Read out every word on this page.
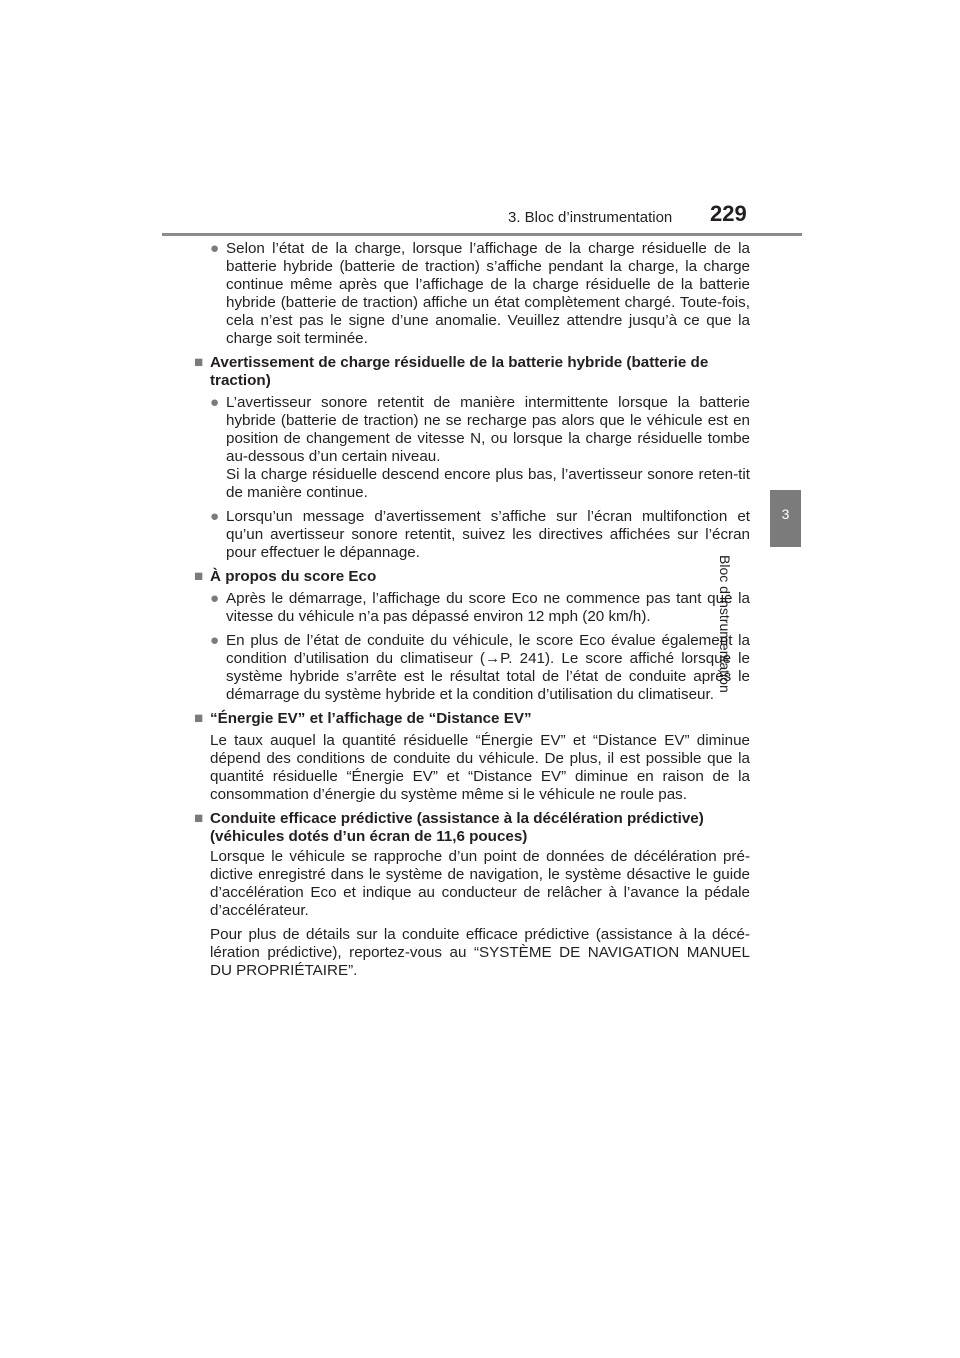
3. Bloc d’instrumentation 229
3
Bloc d’instrumentation
● Selon l’état de la charge, lorsque l’affichage de la charge résiduelle de la batterie hybride (batterie de traction) s’affiche pendant la charge, la charge continue même après que l’affichage de la charge résiduelle de la batterie hybride (batterie de traction) affiche un état complètement chargé. Toute-fois, cela n’est pas le signe d’une anomalie. Veuillez attendre jusqu’à ce que la charge soit terminée.
■ Avertissement de charge résiduelle de la batterie hybride (batterie de traction)
● L’avertisseur sonore retentit de manière intermittente lorsque la batterie hybride (batterie de traction) ne se recharge pas alors que le véhicule est en position de changement de vitesse N, ou lorsque la charge résiduelle tombe au-dessous d’un certain niveau.
Si la charge résiduelle descend encore plus bas, l’avertisseur sonore reten-tit de manière continue.
● Lorsqu’un message d’avertissement s’affiche sur l’écran multifonction et qu’un avertisseur sonore retentit, suivez les directives affichées sur l’écran pour effectuer le dépannage.
■ À propos du score Eco
● Après le démarrage, l’affichage du score Eco ne commence pas tant que la vitesse du véhicule n’a pas dépassé environ 12 mph (20 km/h).
● En plus de l’état de conduite du véhicule, le score Eco évalue également la condition d’utilisation du climatiseur (→P. 241). Le score affiché lorsque le système hybride s’arrête est le résultat total de l’état de conduite après le démarrage du système hybride et la condition d’utilisation du climatiseur.
■ “Énergie EV” et l’affichage de “Distance EV”
Le taux auquel la quantité résiduelle “Énergie EV” et “Distance EV” diminue dépend des conditions de conduite du véhicule. De plus, il est possible que la quantité résiduelle “Énergie EV” et “Distance EV” diminue en raison de la consommation d’énergie du système même si le véhicule ne roule pas.
■ Conduite efficace prédictive (assistance à la décélération prédictive)
(véhicules dotés d’un écran de 11,6 pouces)
Lorsque le véhicule se rapproche d’un point de données de décélération pré-dictive enregistré dans le système de navigation, le système désactive le guide d’accélération Eco et indique au conducteur de relâcher à l’avance la pédale d’accélérateur.
Pour plus de détails sur la conduite efficace prédictive (assistance à la décé-lération prédictive), reportez-vous au “SYSTÈME DE NAVIGATION MANUEL DU PROPRIÉTAIRE”.
